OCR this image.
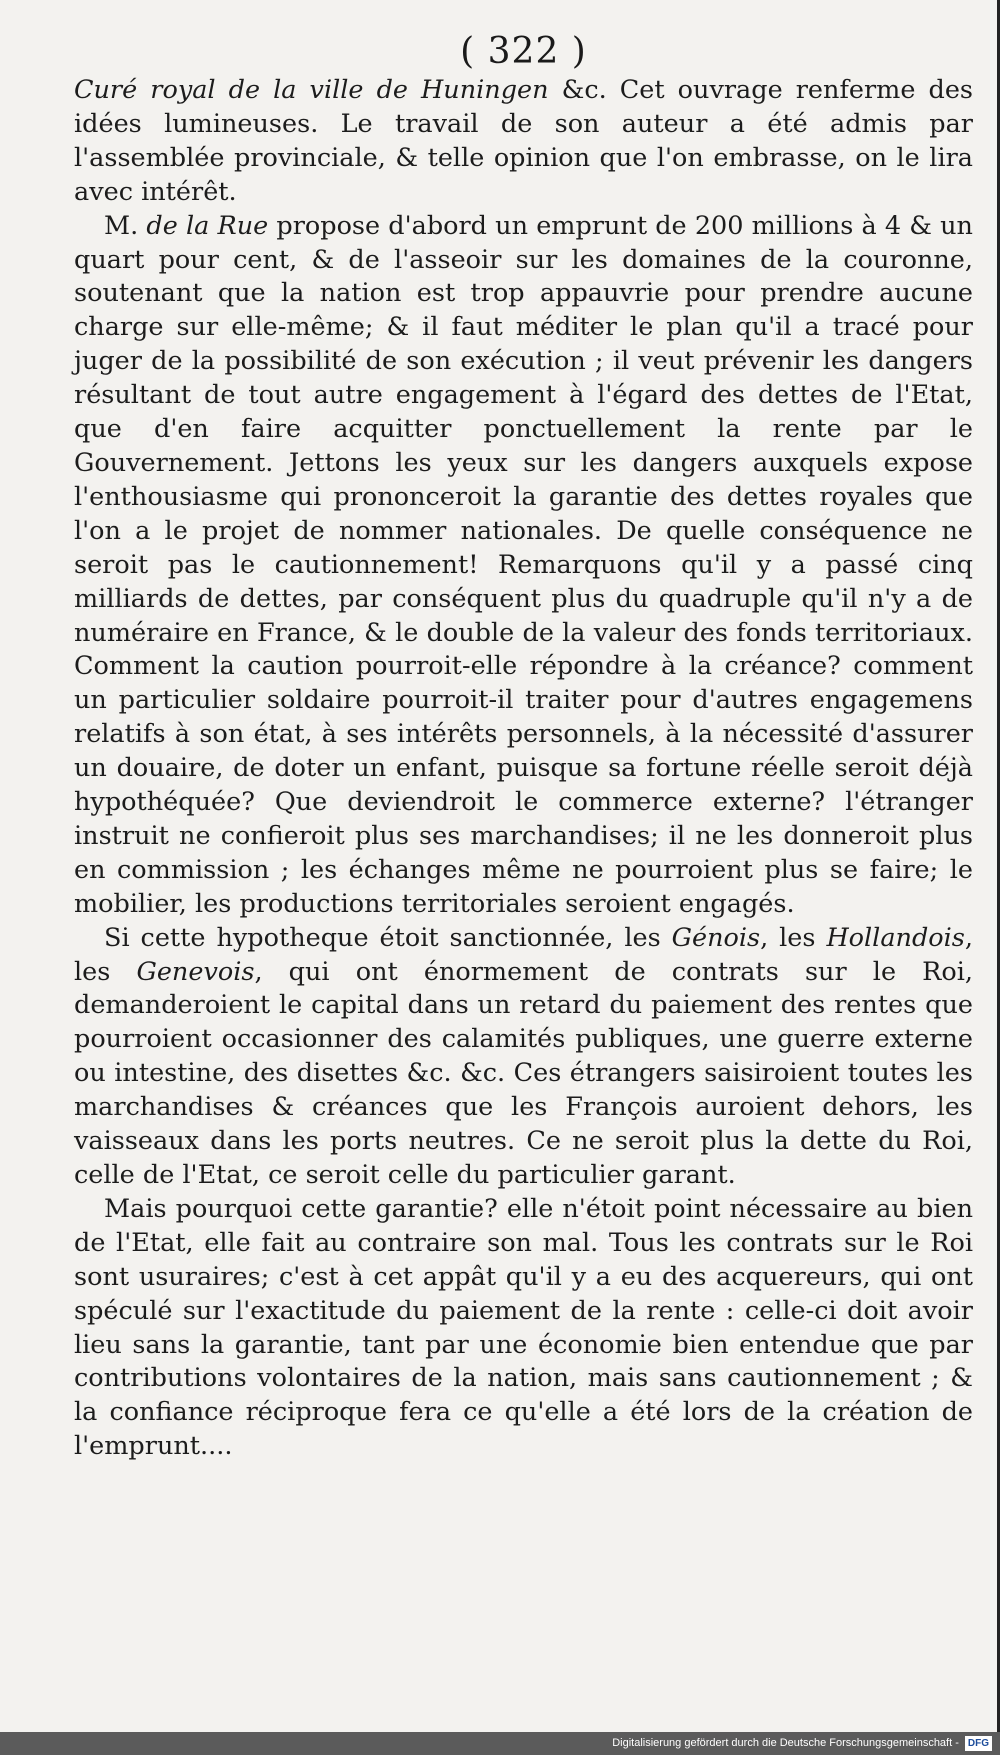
( 322 )

Curé royal de la ville de Huningen &c. Cet ouvrage renferme des idées lumineuses. Le travail de son auteur a été admis par l'assemblée provinciale, & telle opinion que l'on embrasse, on le lira avec intérêt.

M. de la Rue propose d'abord un emprunt de 200 millions à 4 & un quart pour cent, & de l'asseoir sur les domaines de la couronne, soutenant que la nation est trop appauvrie pour prendre aucune charge sur elle-même; & il faut méditer le plan qu'il a tracé pour juger de la possibilité de son exécution ; il veut prévenir les dangers résultant de tout autre engagement à l'égard des dettes de l'Etat, que d'en faire acquitter ponctuellement la rente par le Gouvernement. Jettons les yeux sur les dangers auxquels expose l'enthousiasme qui prononceroit la garantie des dettes royales que l'on a le projet de nommer nationales. De quelle conséquence ne seroit pas le cautionnement! Remarquons qu'il y a passé cinq milliards de dettes, par conséquent plus du quadruple qu'il n'y a de numéraire en France, & le double de la valeur des fonds territoriaux. Comment la caution pourroit-elle répondre à la créance? comment un particulier soldaire pourroit-il traiter pour d'autres engagemens relatifs à son état, à ses intérêts personnels, à la nécessité d'assurer un douaire, de doter un enfant, puisque sa fortune réelle seroit déjà hypothéquée? Que deviendroit le commerce externe? l'étranger instruit ne confieroit plus ses marchandises; il ne les donneroit plus en commission ; les échanges même ne pourroient plus se faire; le mobilier, les productions territoriales seroient engagés.

Si cette hypotheque étoit sanctionnée, les Génois, les Hollandois, les Genevois, qui ont énormement de contrats sur le Roi, demanderoient le capital dans un retard du paiement des rentes que pourroient occasionner des calamités publiques, une guerre externe ou intestine, des disettes &c. &c. Ces étrangers saisiroient toutes les marchandises & créances que les François auroient dehors, les vaisseaux dans les ports neutres. Ce ne seroit plus la dette du Roi, celle de l'Etat, ce seroit celle du particulier garant.

Mais pourquoi cette garantie? elle n'étoit point nécessaire au bien de l'Etat, elle fait au contraire son mal. Tous les contrats sur le Roi sont usuraires; c'est à cet appât qu'il y a eu des acquereurs, qui ont spéculé sur l'exactitude du paiement de la rente : celle-ci doit avoir lieu sans la garantie, tant par une économie bien entendue que par contributions volontaires de la nation, mais sans cautionnement ; & la confiance réciproque fera ce qu'elle a été lors de la création de l'emprunt....

Digitalisierung gefördert durch die Deutsche Forschungsgemeinschaft - DFG
